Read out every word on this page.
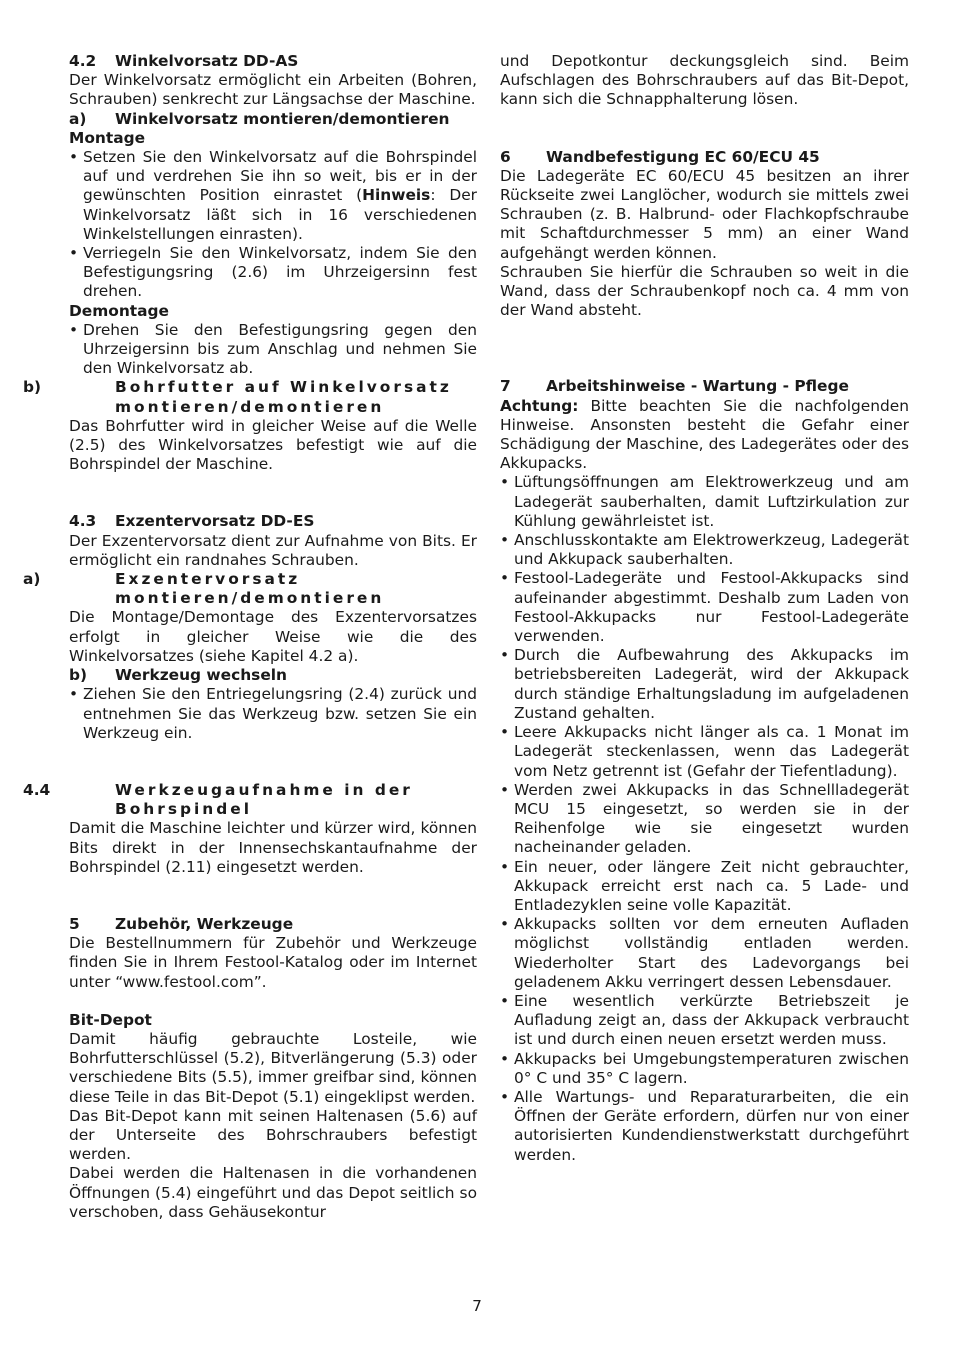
4.2 Winkelvorsatz DD-AS

Der Winkelvorsatz ermöglicht ein Arbeiten (Bohren, Schrauben) senkrecht zur Längsachse der Maschine.

a) Winkelvorsatz montieren/demontieren
Montage
• Setzen Sie den Winkelvorsatz auf die Bohrspindel auf und verdrehen Sie ihn so weit, bis er in der gewünschten Position einrastet (Hinweis: Der Winkelvorsatz läßt sich in 16 verschiedenen Winkelstellungen einrasten).
• Verriegeln Sie den Winkelvorsatz, indem Sie den Befestigungsring (2.6) im Uhrzeigersinn fest drehen.
Demontage
• Drehen Sie den Befestigungsring gegen den Uhrzeigersinn bis zum Anschlag und nehmen Sie den Winkelvorsatz ab.
b)	Bohrfutter auf Winkelvorsatz montieren/demontieren

Das Bohrfutter wird in gleicher Weise auf die Welle (2.5) des Winkelvorsatzes befestigt wie auf die Bohrspindel der Maschine.

4.3 Exzentervorsatz DD-ES

Der Exzentervorsatz dient zur Aufnahme von Bits. Er ermöglicht ein randnahes Schrauben.

a)	Exzentervorsatz montieren/demontieren

Die Montage/Demontage des Exzentervorsatzes erfolgt in gleicher Weise wie die des Winkelvorsatzes (siehe Kapitel 4.2 a).

b) Werkzeug wechseln
• Ziehen Sie den Entriegelungsring (2.4) zurück und entnehmen Sie das Werkzeug bzw. setzen Sie ein Werkzeug ein.
4.4	Werkzeugaufnahme in der Bohrspindel

Damit die Maschine leichter und kürzer wird, können Bits direkt in der Innensechskantaufnahme der Bohrspindel (2.11) eingesetzt werden.

5 Zubehör, Werkzeuge

Die Bestellnummern für Zubehör und Werkzeuge finden Sie in Ihrem Festool-Katalog oder im Internet unter “www.festool.com”.

Bit-Depot

Damit häufig gebrauchte Losteile, wie Bohrfutterschlüssel (5.2), Bitverlängerung (5.3) oder verschiedene Bits (5.5), immer greifbar sind, können diese Teile in das Bit-Depot (5.1) eingeklipst werden.

Das Bit-Depot kann mit seinen Haltenasen (5.6) auf der Unterseite des Bohrschraubers befestigt werden.

Dabei werden die Haltenasen in die vorhandenen Öffnungen (5.4) eingeführt und das Depot seitlich so verschoben, dass Gehäusekontur

und Depotkontur deckungsgleich sind. Beim Aufschlagen des Bohrschraubers auf das Bit-Depot, kann sich die Schnapphalterung lösen.

6 Wandbefestigung EC 60/ECU 45

Die Ladegeräte EC 60/ECU 45 besitzen an ihrer Rückseite zwei Langlöcher, wodurch sie mittels zwei Schrauben (z. B. Halbrund- oder Flachkopfschraube mit Schaftdurchmesser 5 mm) an einer Wand aufgehängt werden können.

Schrauben Sie hierfür die Schrauben so weit in die Wand, dass der Schraubenkopf noch ca. 4 mm von der Wand absteht.

7 Arbeitshinweise - Wartung - Pflege

Achtung: Bitte beachten Sie die nachfolgenden Hinweise. Ansonsten besteht die Gefahr einer Schädigung der Maschine, des Ladegerätes oder des Akkupacks.

• Lüftungsöffnungen am Elektrowerkzeug und am Ladegerät sauberhalten, damit Luftzirkulation zur Kühlung gewährleistet ist.
• Anschlusskontakte am Elektrowerkzeug, Ladegerät und Akkupack sauberhalten.
• Festool-Ladegeräte und Festool-Akkupacks sind aufeinander abgestimmt. Deshalb zum Laden von Festool-Akkupacks nur Festool-Ladegeräte verwenden.
• Durch die Aufbewahrung des Akkupacks im betriebsbereiten Ladegerät, wird der Akkupack durch ständige Erhaltungsladung im aufgeladenen Zustand gehalten.
• Leere Akkupacks nicht länger als ca. 1 Monat im Ladegerät steckenlassen, wenn das Ladegerät vom Netz getrennt ist (Gefahr der Tiefentladung).
• Werden zwei Akkupacks in das Schnellladegerät MCU 15 eingesetzt, so werden sie in der Reihenfolge wie sie eingesetzt wurden nacheinander geladen.
• Ein neuer, oder längere Zeit nicht gebrauchter, Akkupack erreicht erst nach ca. 5 Lade- und Entladezyklen seine volle Kapazität.
• Akkupacks sollten vor dem erneuten Aufladen möglichst vollständig entladen werden. Wiederholter Start des Ladevorgangs bei geladenem Akku verringert dessen Lebensdauer.
• Eine wesentlich verkürzte Betriebszeit je Aufladung zeigt an, dass der Akkupack verbraucht ist und durch einen neuen ersetzt werden muss.
• Akkupacks bei Umgebungstemperaturen zwischen 0° C und 35° C lagern.
• Alle Wartungs- und Reparaturarbeiten, die ein Öffnen der Geräte erfordern, dürfen nur von einer autorisierten Kundendienstwerkstatt durchgeführt werden.
7
